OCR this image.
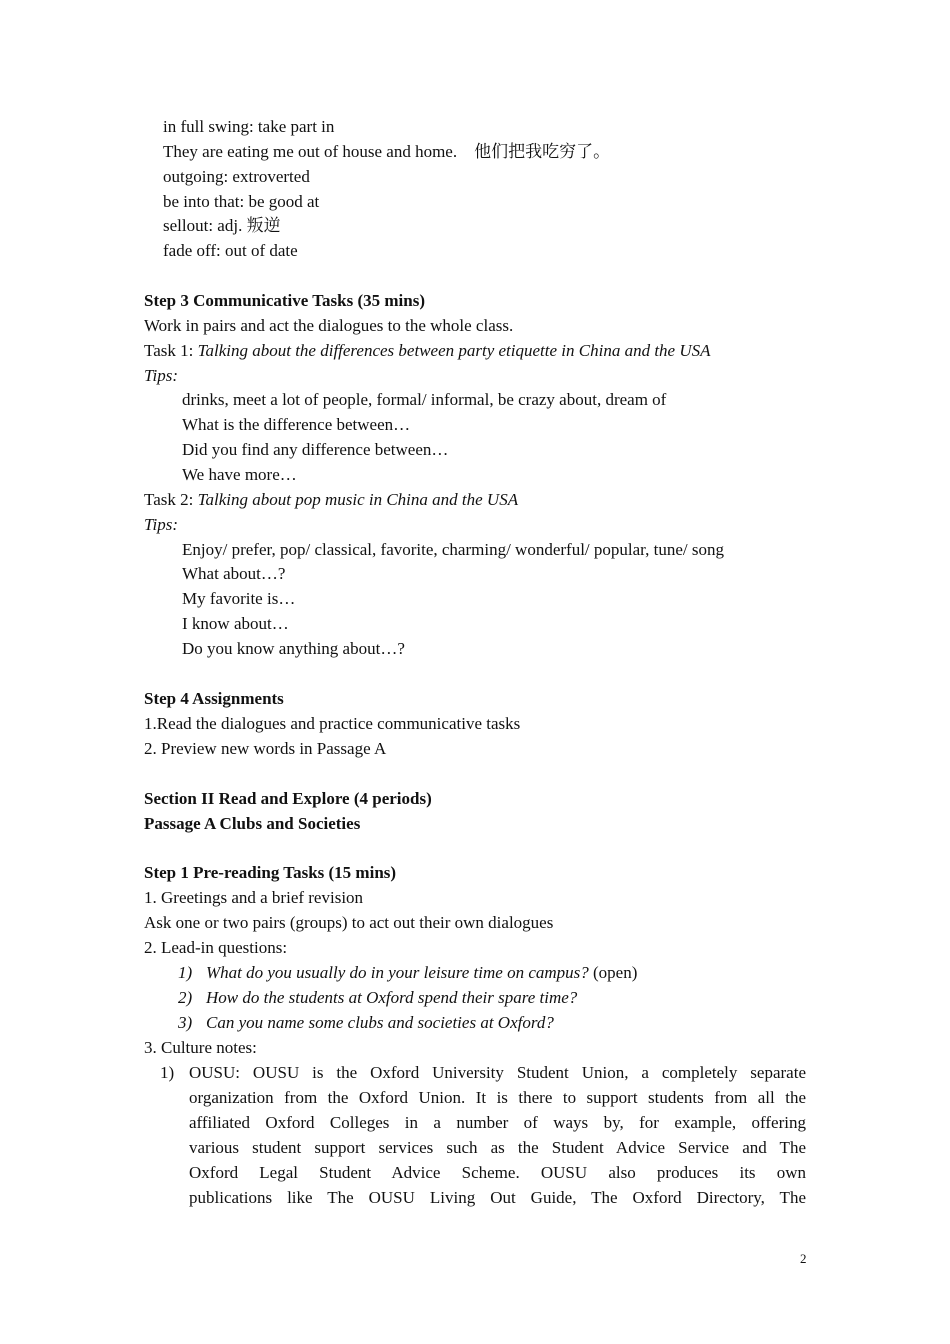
in full swing: take part in
They are eating me out of house and home.　他们把我吃穷了。
outgoing: extroverted
be into that: be good at
sellout: adj. 叛逆
fade off: out of date
Step 3 Communicative Tasks (35 mins)
Work in pairs and act the dialogues to the whole class.
Task 1: Talking about the differences between party etiquette in China and the USA
Tips:
drinks, meet a lot of people, formal/ informal, be crazy about, dream of
What is the difference between…
Did you find any difference between…
We have more…
Task 2: Talking about pop music in China and the USA
Tips:
Enjoy/ prefer, pop/ classical, favorite, charming/ wonderful/ popular, tune/ song
What about…?
My favorite is…
I know about…
Do you know anything about…?
Step 4 Assignments
1.Read the dialogues and practice communicative tasks
2. Preview new words in Passage A
Section II Read and Explore (4 periods)
Passage A Clubs and Societies
Step 1 Pre-reading Tasks (15 mins)
1. Greetings and a brief revision
Ask one or two pairs (groups) to act out their own dialogues
2. Lead-in questions:
1) What do you usually do in your leisure time on campus? (open)
2) How do the students at Oxford spend their spare time?
3) Can you name some clubs and societies at Oxford?
3. Culture notes:
1) OUSU: OUSU is the Oxford University Student Union, a completely separate
organization from the Oxford Union. It is there to support students from all the
affiliated Oxford Colleges in a number of ways by, for example, offering
various student support services such as the Student Advice Service and The
Oxford Legal Student Advice Scheme. OUSU also produces its own
publications like The OUSU Living Out Guide, The Oxford Directory, The
2
